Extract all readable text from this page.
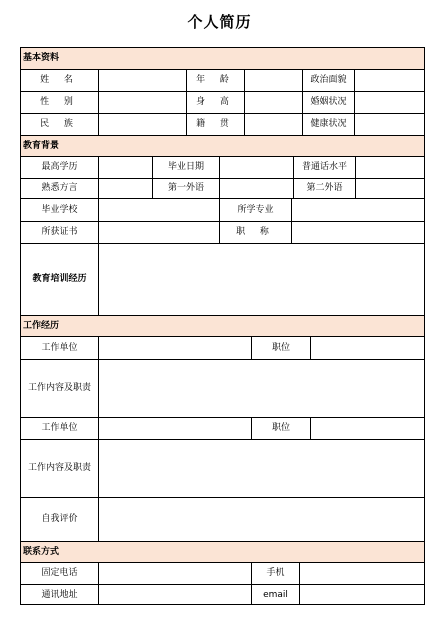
个人简历
基本资料
姓 名	年 龄	政治面貌
性 别	身 高	婚姻状况
民 族	籍 贯	健康状况
教育背景
最高学历	毕业日期	普通话水平
熟悉方言	第一外语	第二外语
毕业学校	所学专业
所获证书	职 称
教育培训经历
工作经历
工作单位	职位
工作内容及职责
工作单位	职位
工作内容及职责
自我评价
联系方式
固定电话	手机
通讯地址	email
